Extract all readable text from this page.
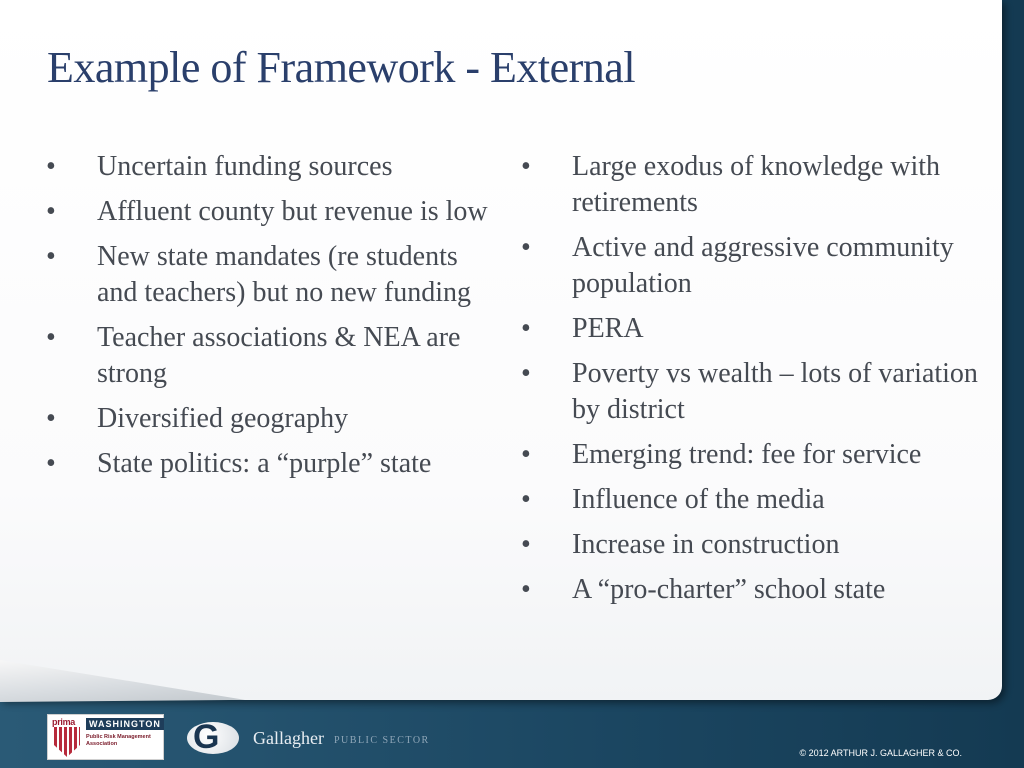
Example of Framework - External
• Uncertain funding sources
• Affluent county but revenue is low
• New state mandates (re students and teachers) but no new funding
• Teacher associations & NEA are strong
• Diversified geography
• State politics: a “purple” state
• Large exodus of knowledge with retirements
• Active and aggressive community population
• PERA
• Poverty vs wealth – lots of variation by district
• Emerging trend: fee for service
• Influence of the media
• Increase in construction
• A “pro-charter” school state
prima	WASHINGTON
Public Risk Management Association	G Gallagher PUBLIC SECTOR
© 2012 ARTHUR J. GALLAGHER & CO.
